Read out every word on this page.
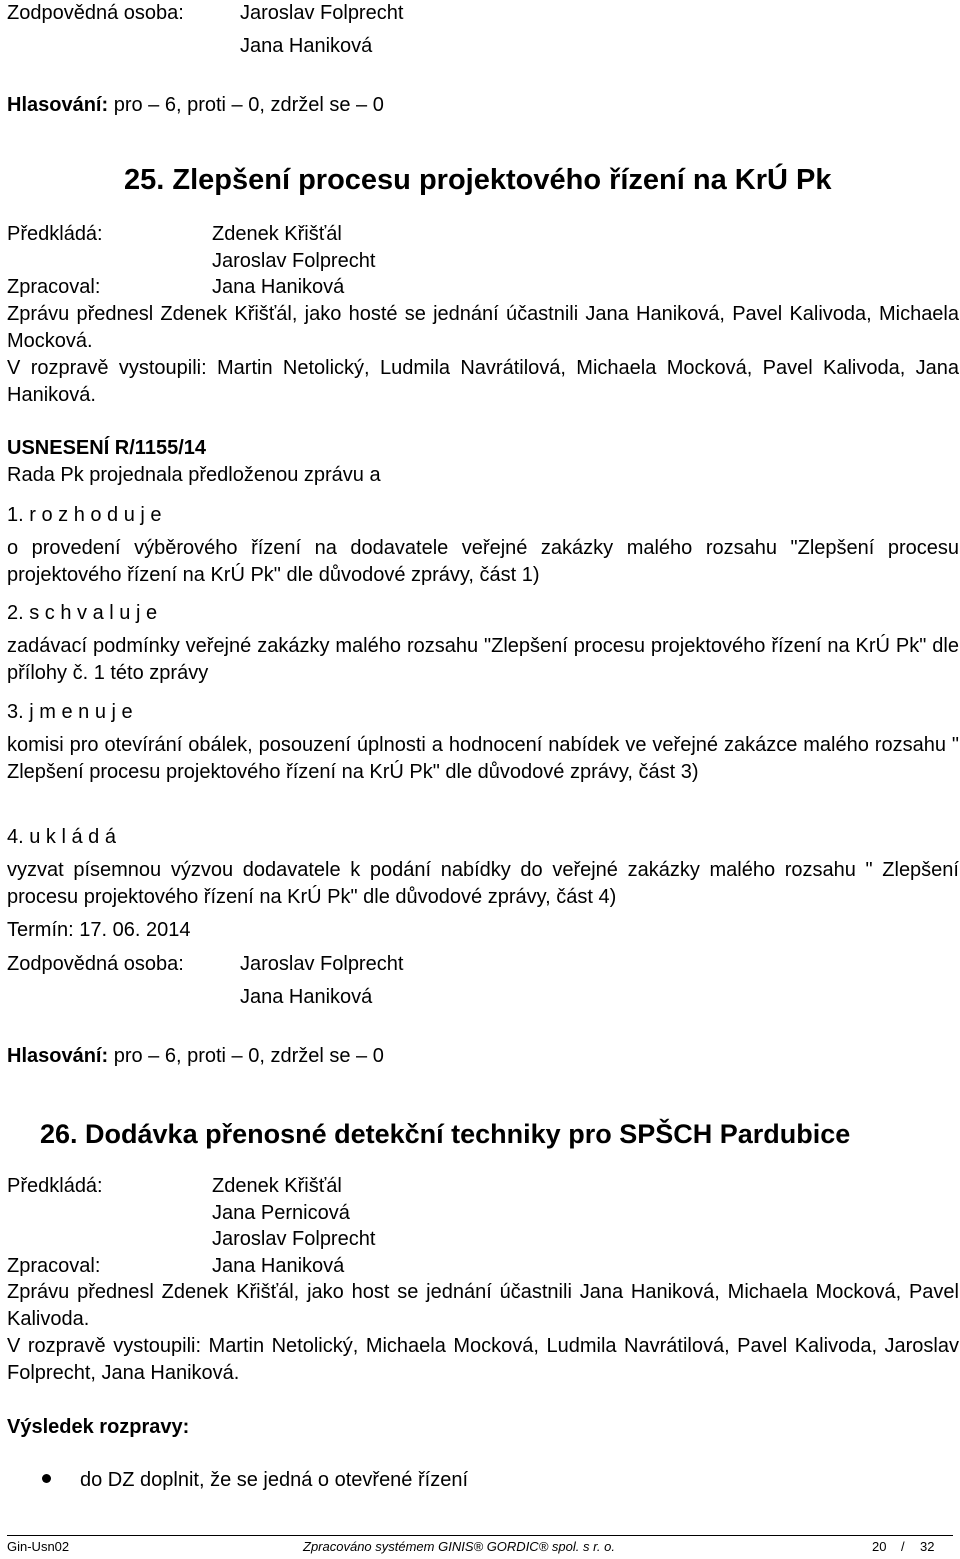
Zodpovědná osoba:	Jaroslav Folprecht
Jana Haniková
Hlasování: pro – 6, proti – 0, zdržel se – 0
25. Zlepšení procesu projektového řízení na KrÚ Pk
Předkládá:	Zdenek Křišťál
Jaroslav Folprecht
Zpracoval:	Jana Haniková
Zprávu přednesl Zdenek Křišťál, jako hosté se jednání účastnili Jana Haniková, Pavel Kalivoda, Michaela Mocková.
V rozpravě vystoupili: Martin Netolický, Ludmila Navrátilová, Michaela Mocková, Pavel Kalivoda, Jana Haniková.
USNESENÍ R/1155/14
Rada Pk projednala předloženou zprávu a
1. r o z h o d u j e
o provedení výběrového řízení na dodavatele veřejné zakázky malého rozsahu "Zlepšení procesu projektového řízení na KrÚ Pk" dle důvodové zprávy, část 1)
2. s c h v a l u j e
zadávací podmínky veřejné zakázky malého rozsahu "Zlepšení procesu projektového řízení na KrÚ Pk" dle přílohy č. 1 této zprávy
3. j m e n u j e
komisi pro otevírání obálek, posouzení úplnosti a hodnocení nabídek ve veřejné zakázce malého rozsahu " Zlepšení procesu projektového řízení na KrÚ Pk" dle důvodové zprávy, část 3)
4. u k l á d á
vyzvat písemnou výzvou dodavatele k podání nabídky do veřejné zakázky malého rozsahu " Zlepšení procesu projektového řízení na KrÚ Pk" dle důvodové zprávy, část 4)
Termín: 17. 06. 2014
Zodpovědná osoba:	Jaroslav Folprecht
Jana Haniková
Hlasování: pro – 6, proti – 0, zdržel se – 0
26. Dodávka přenosné detekční techniky pro SPŠCH Pardubice
Předkládá:	Zdenek Křišťál
Jana Pernicová
Jaroslav Folprecht
Zpracoval:	Jana Haniková
Zprávu přednesl Zdenek Křišťál, jako host se jednání účastnili Jana Haniková, Michaela Mocková, Pavel Kalivoda.
V rozpravě vystoupili: Martin Netolický, Michaela Mocková, Ludmila Navrátilová, Pavel Kalivoda, Jaroslav Folprecht, Jana Haniková.
Výsledek rozpravy:
do DZ doplnit, že se jedná o otevřené řízení
Gin-Usn02	Zpracováno systémem GINIS® GORDIC® spol. s r. o.	20 / 32
